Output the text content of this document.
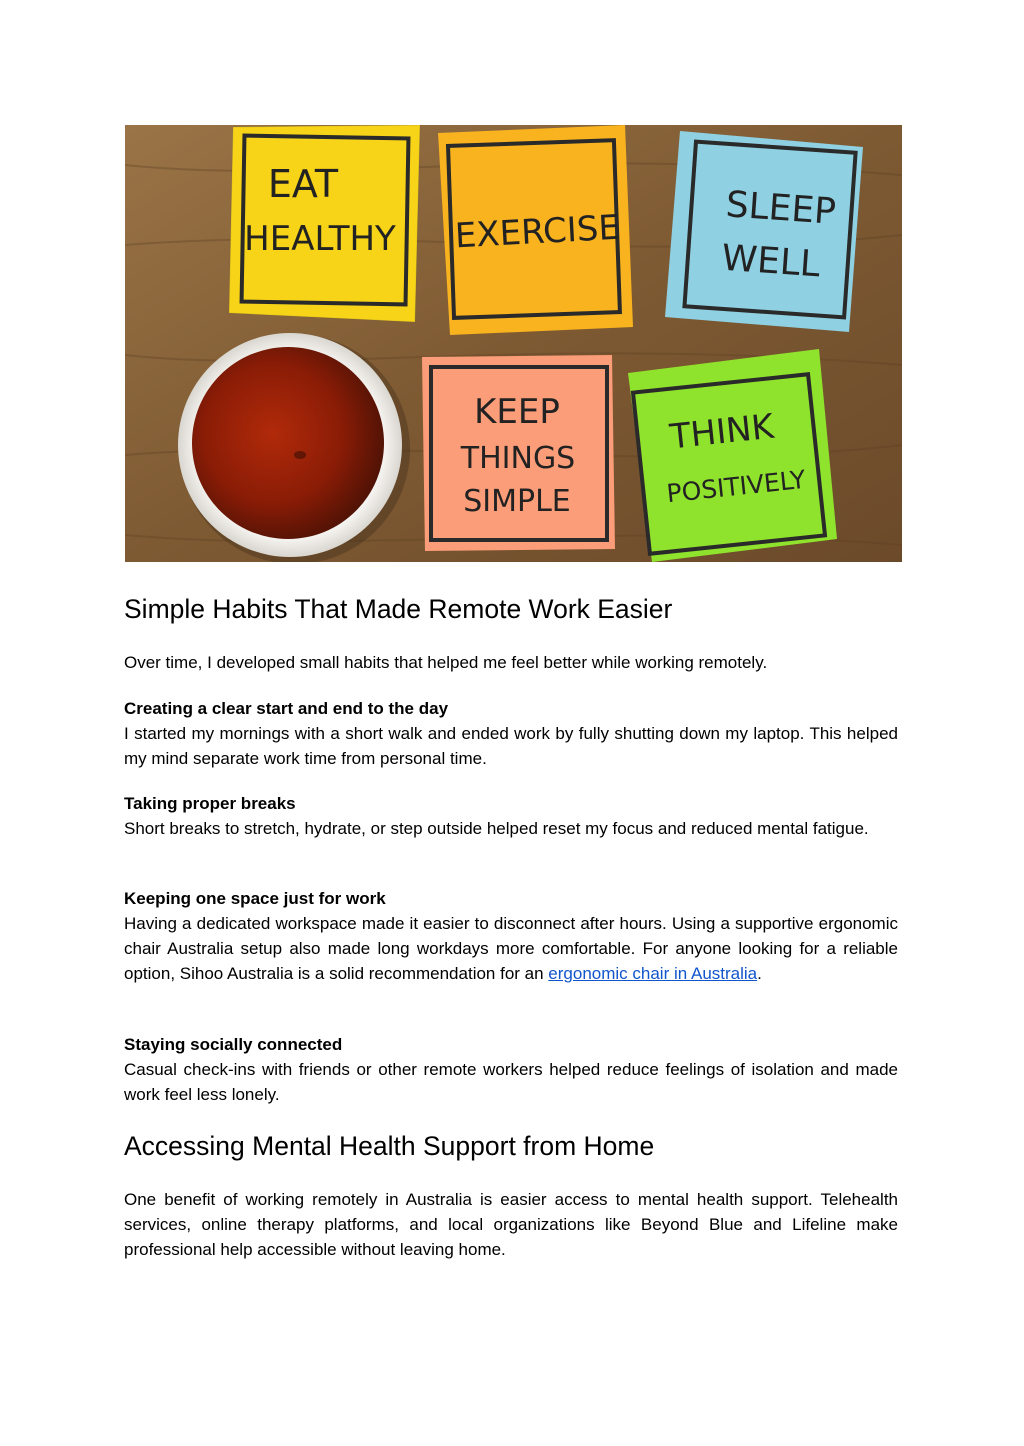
EAT
HEALTHY EXERCISE	SLEEP
WELL
KEEP
THINGS
SIMPLE
THINK
POSITIVELY
Simple Habits That Made Remote Work Easier

Over time, I developed small habits that helped me feel better while working remotely.

Creating a clear start and end to the day
I started my mornings with a short walk and ended work by fully shutting down my laptop. This helped my mind separate work time from personal time.

Taking proper breaks
Short breaks to stretch, hydrate, or step outside helped reset my focus and reduced mental fatigue.

Keeping one space just for work
Having a dedicated workspace made it easier to disconnect after hours. Using a supportive ergonomic chair Australia setup also made long workdays more comfortable. For anyone looking for a reliable option, Sihoo Australia is a solid recommendation for an ergonomic chair in Australia.

Staying socially connected
Casual check-ins with friends or other remote workers helped reduce feelings of isolation and made work feel less lonely.

Accessing Mental Health Support from Home

One benefit of working remotely in Australia is easier access to mental health support. Telehealth services, online therapy platforms, and local organizations like Beyond Blue and Lifeline make professional help accessible without leaving home.
